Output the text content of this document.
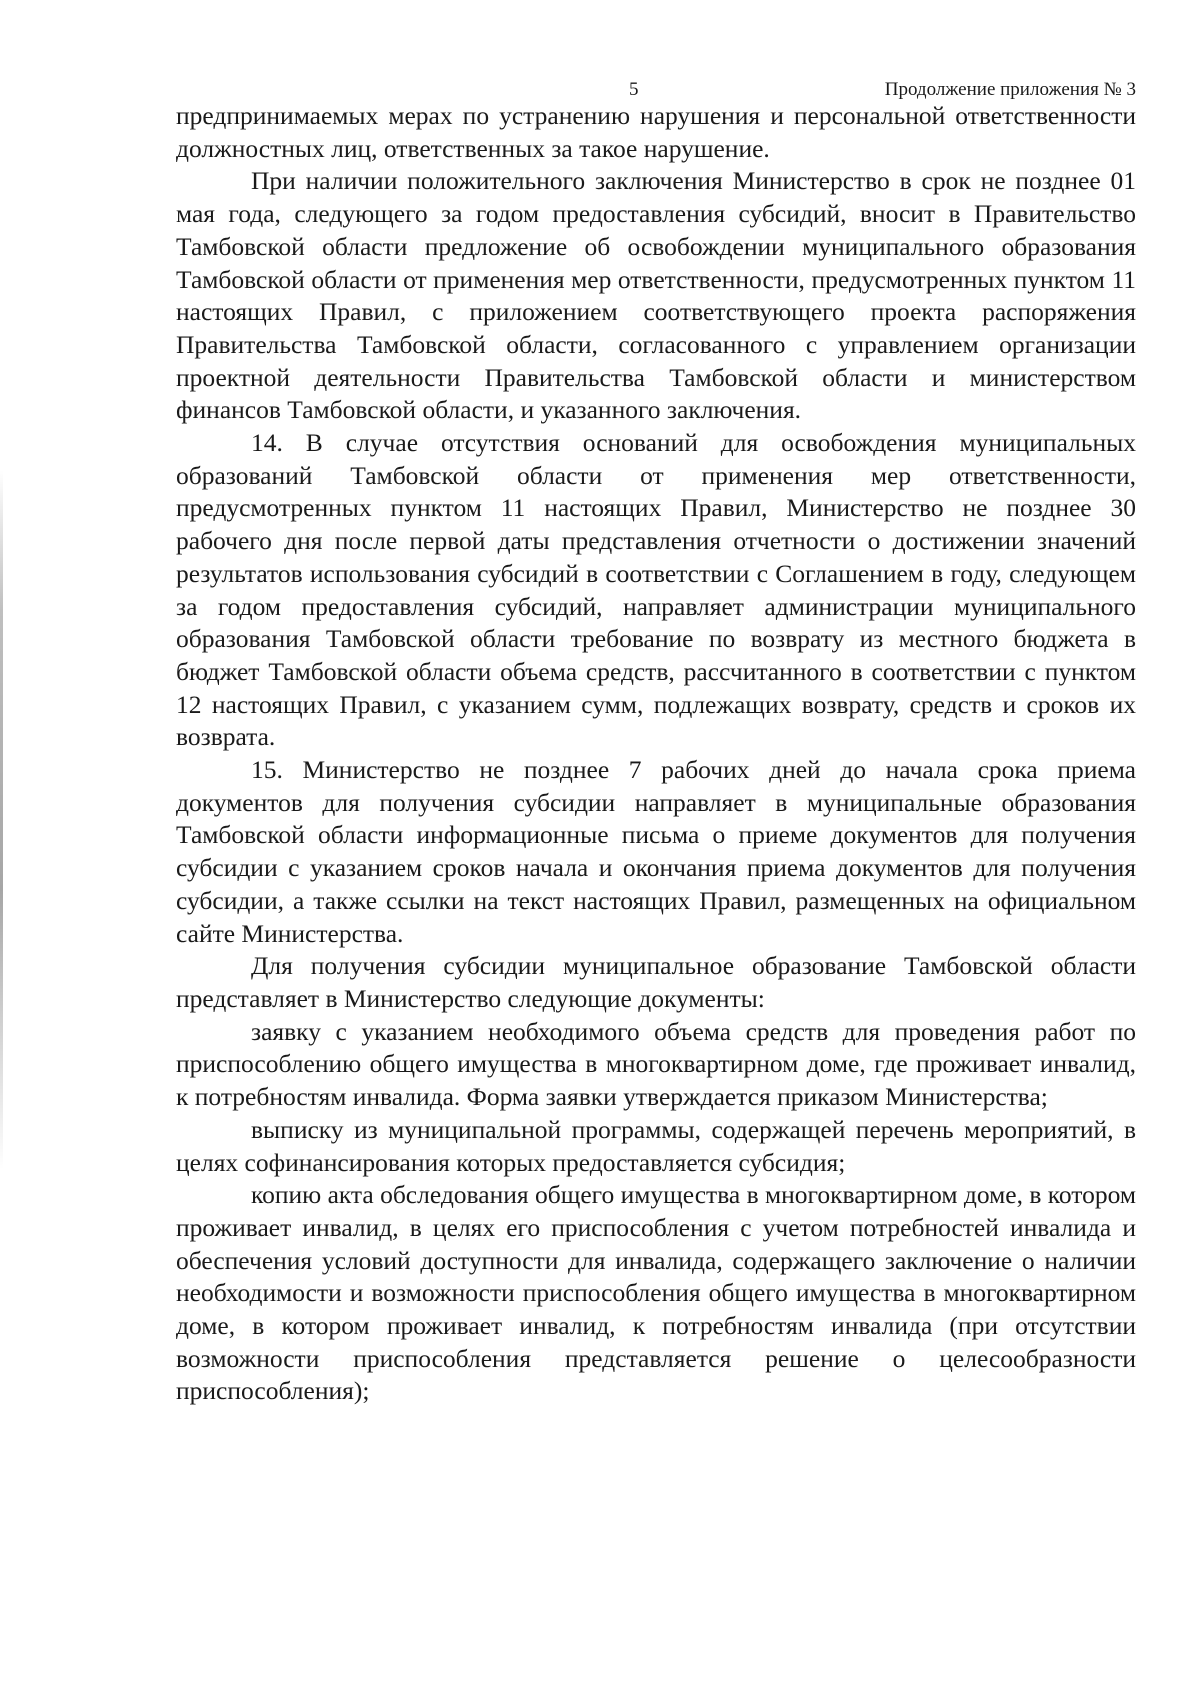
5	Продолжение приложения № 3

предпринимаемых мерах по устранению нарушения и персональной ответственности должностных лиц, ответственных за такое нарушение.

При наличии положительного заключения Министерство в срок не позднее 01 мая года, следующего за годом предоставления субсидий, вносит в Правительство Тамбовской области предложение об освобождении муниципального образования Тамбовской области от применения мер ответственности, предусмотренных пунктом 11 настоящих Правил, с приложением соответствующего проекта распоряжения Правительства Тамбовской области, согласованного с управлением организации проектной деятельности Правительства Тамбовской области и министерством финансов Тамбовской области, и указанного заключения.

14. В случае отсутствия оснований для освобождения муниципальных образований Тамбовской области от применения мер ответственности, предусмотренных пунктом 11 настоящих Правил, Министерство не позднее 30 рабочего дня после первой даты представления отчетности о достижении значений результатов использования субсидий в соответствии с Соглашением в году, следующем за годом предоставления субсидий, направляет администрации муниципального образования Тамбовской области требование по возврату из местного бюджета в бюджет Тамбовской области объема средств, рассчитанного в соответствии с пунктом 12 настоящих Правил, с указанием сумм, подлежащих возврату, средств и сроков их возврата.

15. Министерство не позднее 7 рабочих дней до начала срока приема документов для получения субсидии направляет в муниципальные образования Тамбовской области информационные письма о приеме документов для получения субсидии с указанием сроков начала и окончания приема документов для получения субсидии, а также ссылки на текст настоящих Правил, размещенных на официальном сайте Министерства.

Для получения субсидии муниципальное образование Тамбовской области представляет в Министерство следующие документы:

заявку с указанием необходимого объема средств для проведения работ по приспособлению общего имущества в многоквартирном доме, где проживает инвалид, к потребностям инвалида. Форма заявки утверждается приказом Министерства;

выписку из муниципальной программы, содержащей перечень мероприятий, в целях софинансирования которых предоставляется субсидия;

копию акта обследования общего имущества в многоквартирном доме, в котором проживает инвалид, в целях его приспособления с учетом потребностей инвалида и обеспечения условий доступности для инвалида, содержащего заключение о наличии необходимости и возможности приспособления общего имущества в многоквартирном доме, в котором проживает инвалид, к потребностям инвалида (при отсутствии возможности приспособления представляется решение о целесообразности приспособления);
